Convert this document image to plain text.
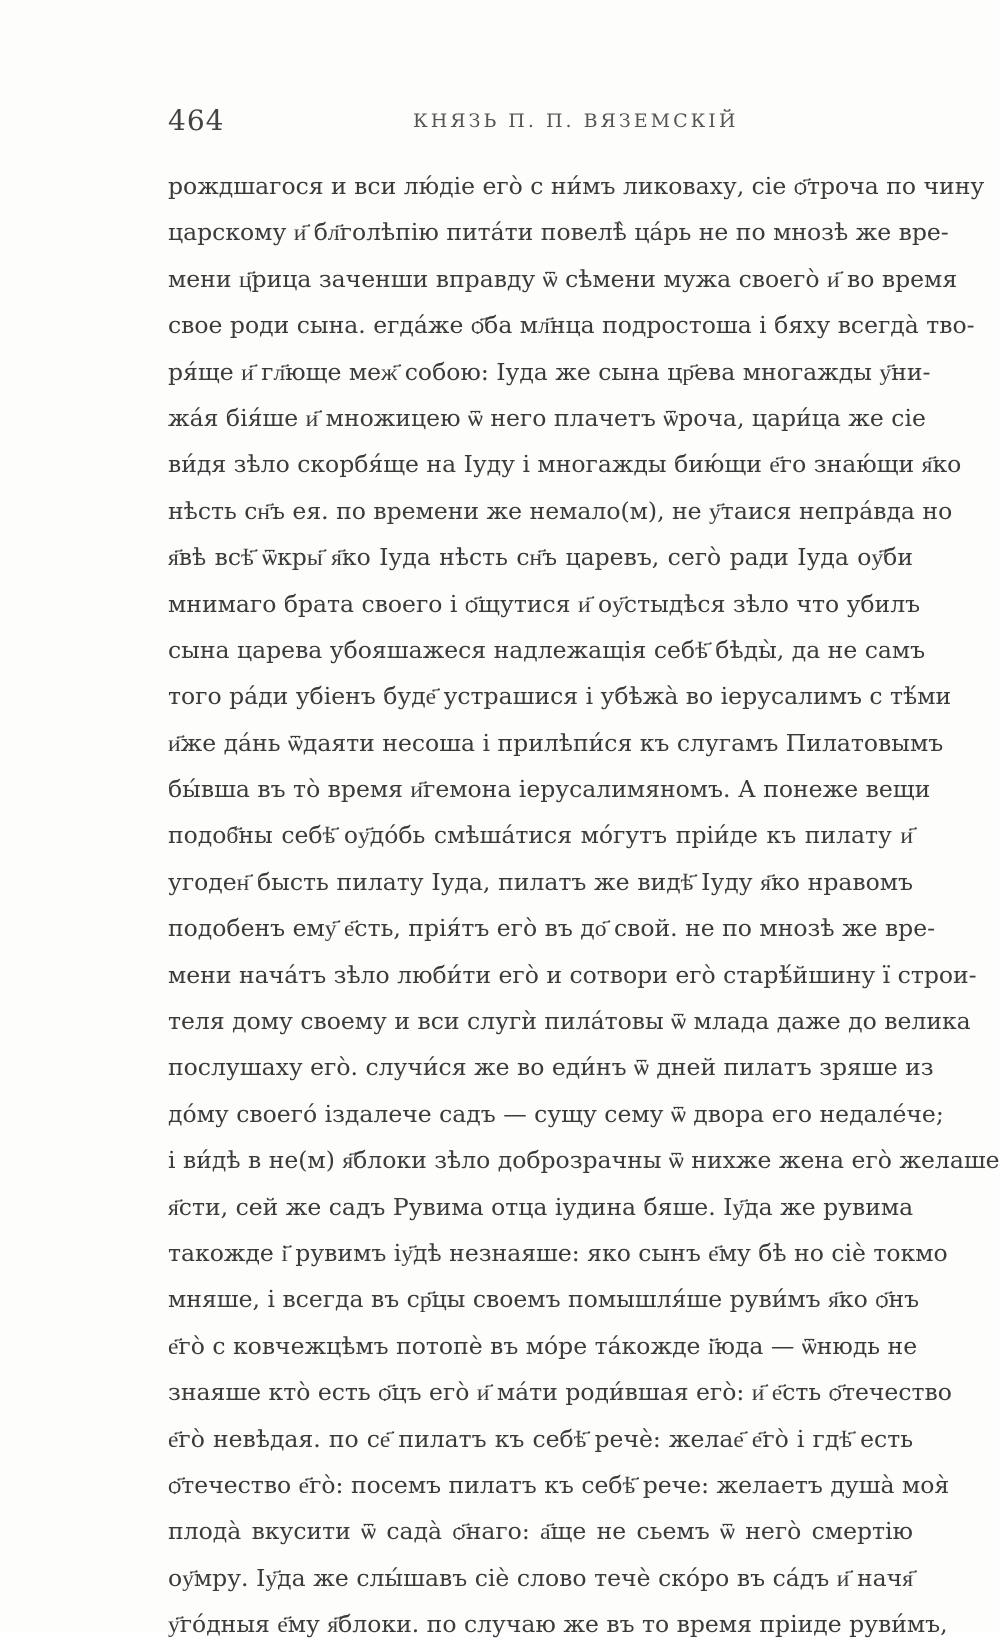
464	КНЯЗЬ П. П. ВЯЗЕМСКІЙ
рождшагося и вси лю́діе его̀ с ни́мъ ликоваху, сіе ѻ҃троча по чину
царскому и҃ бл҃голѣпію пита́ти повелѣ̀ ца́рь не по мнозѣ же вре-
мени ц҃рица заченши вправду ѿ сѣмени мужа своего̀ и҃ во время
свое роди сына. егда́же ѻ҃ба мл҃нца подростоша і бяху всегда̀ тво-
ря́ще и҃ гл҃юще меж҃ собою: Іуда же сына цр҃ева многажды у҃ни-
жа́я бія́ше и҃ множицею ѿ него плачетъ ѿроча, цари́ца же сіе
ви́дя зѣло скорбя́ще на Іуду і многажды бию́щи е҃го знаю́щи я҃ко
нѣсть сн҃ъ ея. по времени же немало(м), не у҃таися непра́вда но
я҃вѣ всѣ҃ ѿкры҃ я҃ко Іуда нѣсть сн҃ъ царевъ, сего̀ ради Іуда оу҃би
мнимаго брата своего і ѻ҃щутися и҃ оу҃стыдѣся зѣло что убилъ
сына царева убояшажеся надлежащія себѣ҃ бѣды̀, да не самъ
того ра́ди убіенъ буде҃ устрашися і убѣжа̀ во іерусалимъ с тѣ́ми
и҃же да́нь ѿдаяти несоша і прилѣпи́ся къ слугамъ Пилатовымъ
бы́вша въ то̀ время и҃гемона іерусалимяномъ. А понеже вещи
подоб҃ны себѣ҃ оу҃до́бь смѣша́тися мо́гутъ пріи́де къ пилату и҃
угоден҃ бысть пилату Іуда, пилатъ же видѣ҃ Іуду я҃ко нравомъ
подобенъ ему҃ е҃сть, прія́тъ его̀ въ до҃ свой. не по мнозѣ же вре-
мени нача́тъ зѣло люби́ти его̀ и сотвори его̀ старѣ́йшину ї строи-
теля дому своему и вси слугѝ пила́товы ѿ млада даже до велика
послушаху его̀. случи́ся же во еди́нъ ѿ дней пилатъ зряше из
до́му своего́ іздалече садъ — сущу сему ѿ двора его недале́че;
і ви́дѣ в не(м) я҃блоки зѣло доброзрачны ѿ нихже жена его̀ желаше
я҃сти, сей же садъ Рувима отца іудина бяше. Іу҃да же рувима
такожде і҃ рувимъ іу҃дѣ незнаяше: яко сынъ е҃му бѣ но сіѐ токмо
мняше, і всегда въ ср҃цы своемъ помышля́ше руви́мъ я҃ко ѻ҃нъ
е҃го̀ с ковчежцѣмъ потопѐ въ мо́ре та́кожде і҃юда — ѿнюдь не
знаяше кто̀ есть ѻ҃цъ его̀ и҃ ма́ти роди́вшая его̀: и҃ е҃сть ѻ҃течество
е҃го̀ невѣдая. по се҃ пилатъ къ себѣ҃ речѐ: желае҃ е҃го̀ і гдѣ҃ есть
ѻ҃течество е҃го̀: посемъ пилатъ къ себѣ҃ рече: желаетъ душа̀ моя̀
плода̀ вкусити ѿ сада̀ ѻ҃наго: а҃ще не сьемъ ѿ него̀ смертію
оу҃мру. Іу҃да же слы́шавъ сіѐ слово течѐ ско́ро въ са́дъ и҃ начя҃
у҃го́дныя е҃му я҃блоки. по случаю же въ то время пріиде руви́мъ,
